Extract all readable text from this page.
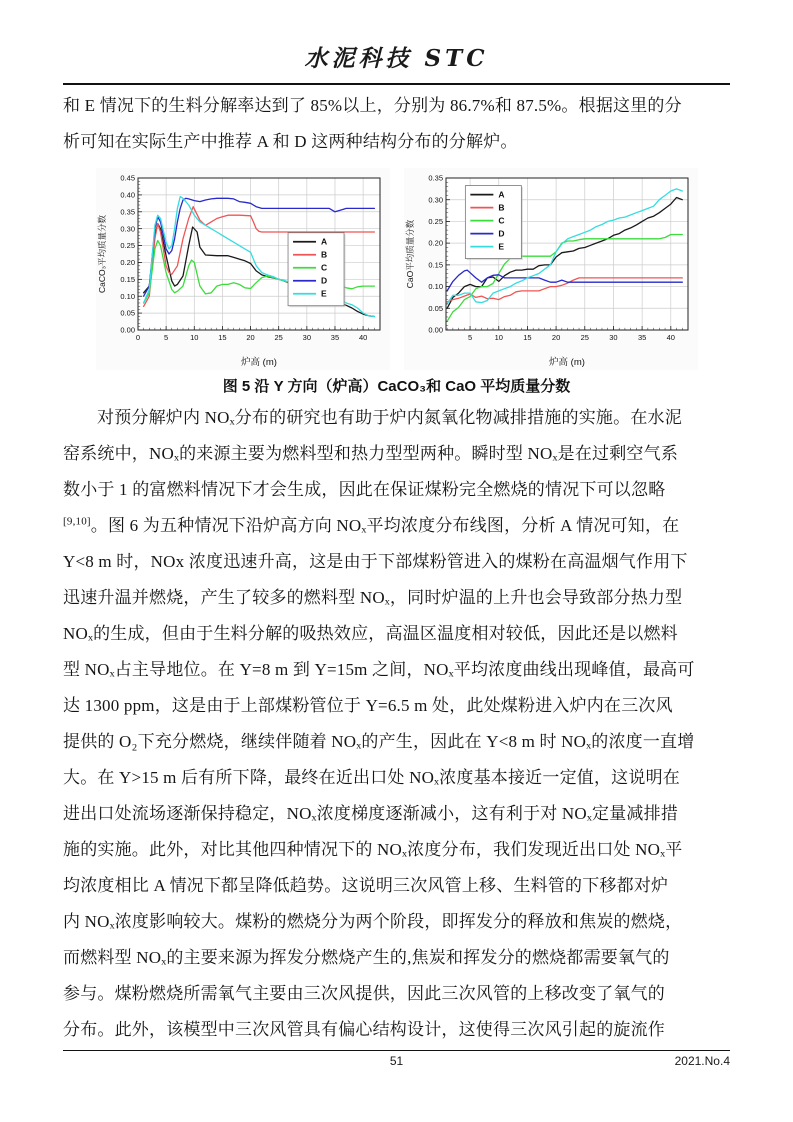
水泥科技 STC
和 E 情况下的生料分解率达到了 85%以上，分别为 86.7%和 87.5%。根据这里的分
析可知在实际生产中推荐 A 和 D 这两种结构分布的分解炉。
0	5	10	15	20	25	30	35	40
0.00
0.05
0.10
0.15
0.20
0.25
0.30
0.35
0.40
0.45
炉高 (m)
CaCO₃平均质量分数	A
B
C
D
E
5	10	15	20	25	30	35	40
0.00
0.05
0.10
0.15
0.20
0.25
0.30
0.35
炉高 (m)
CaO平均质量分数
A
B
C
D
E
图 5 沿 Y 方向（炉高）CaCO₃和 CaO 平均质量分数
对预分解炉内 NOₓ分布的研究也有助于炉内氮氧化物减排措施的实施。在水泥
窑系统中，NOₓ的来源主要为燃料型和热力型型两种。瞬时型 NOₓ是在过剩空气系
数小于 1 的富燃料情况下才会生成，因此在保证煤粉完全燃烧的情况下可以忽略
[9,10]。图 6 为五种情况下沿炉高方向 NOₓ平均浓度分布线图，分析 A 情况可知，在
Y<8 m 时，NOx 浓度迅速升高，这是由于下部煤粉管进入的煤粉在高温烟气作用下
迅速升温并燃烧，产生了较多的燃料型 NOₓ，同时炉温的上升也会导致部分热力型
NOₓ的生成，但由于生料分解的吸热效应，高温区温度相对较低，因此还是以燃料
型 NOₓ占主导地位。在 Y=8 m 到 Y=15m 之间，NOₓ平均浓度曲线出现峰值，最高可
达 1300 ppm，这是由于上部煤粉管位于 Y=6.5 m 处，此处煤粉进入炉内在三次风
提供的 O₂下充分燃烧，继续伴随着 NOₓ的产生，因此在 Y<8 m 时 NOₓ的浓度一直增
大。在 Y>15 m 后有所下降，最终在近出口处 NOₓ浓度基本接近一定值，这说明在
进出口处流场逐渐保持稳定，NOₓ浓度梯度逐渐减小，这有利于对 NOₓ定量减排措
施的实施。此外，对比其他四种情况下的 NOₓ浓度分布，我们发现近出口处 NOₓ平
均浓度相比 A 情况下都呈降低趋势。这说明三次风管上移、生料管的下移都对炉
内 NOₓ浓度影响较大。煤粉的燃烧分为两个阶段，即挥发分的释放和焦炭的燃烧，
而燃料型 NOₓ的主要来源为挥发分燃烧产生的,焦炭和挥发分的燃烧都需要氧气的
参与。煤粉燃烧所需氧气主要由三次风提供，因此三次风管的上移改变了氧气的
分布。此外，该模型中三次风管具有偏心结构设计，这使得三次风引起的旋流作
51	2021.No.4
